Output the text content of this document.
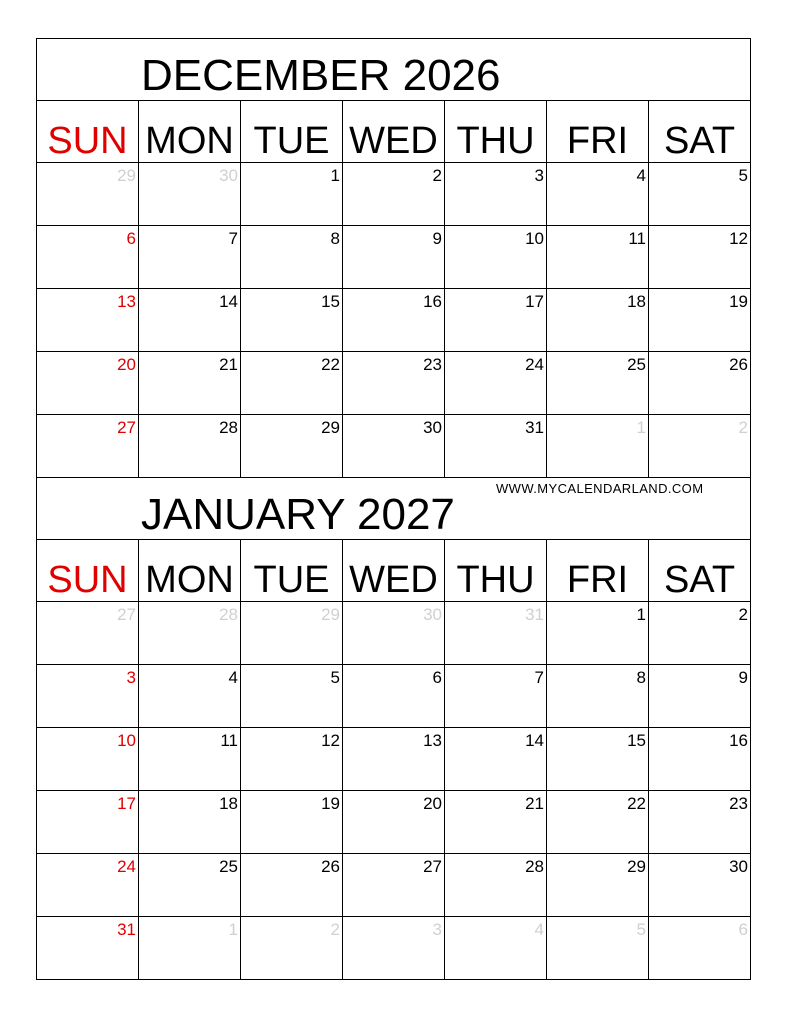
DECEMBER 2026
SUN MON TUE WED THU FRI SAT
29	30	1	2	3	4	5
6	7	8	9	10	11	12
13	14	15	16	17	18	19
20	21	22	23	24	25	26
27	28	29	30	31	1	2
WWW.MYCALENDARLAND.COM
JANUARY 2027
SUN MON TUE WED THU FRI SAT
27	28	29	30	31	1	2
3	4	5	6	7	8	9
10	11	12	13	14	15	16
17	18	19	20	21	22	23
24	25	26	27	28	29	30
31	1	2	3	4	5	6
